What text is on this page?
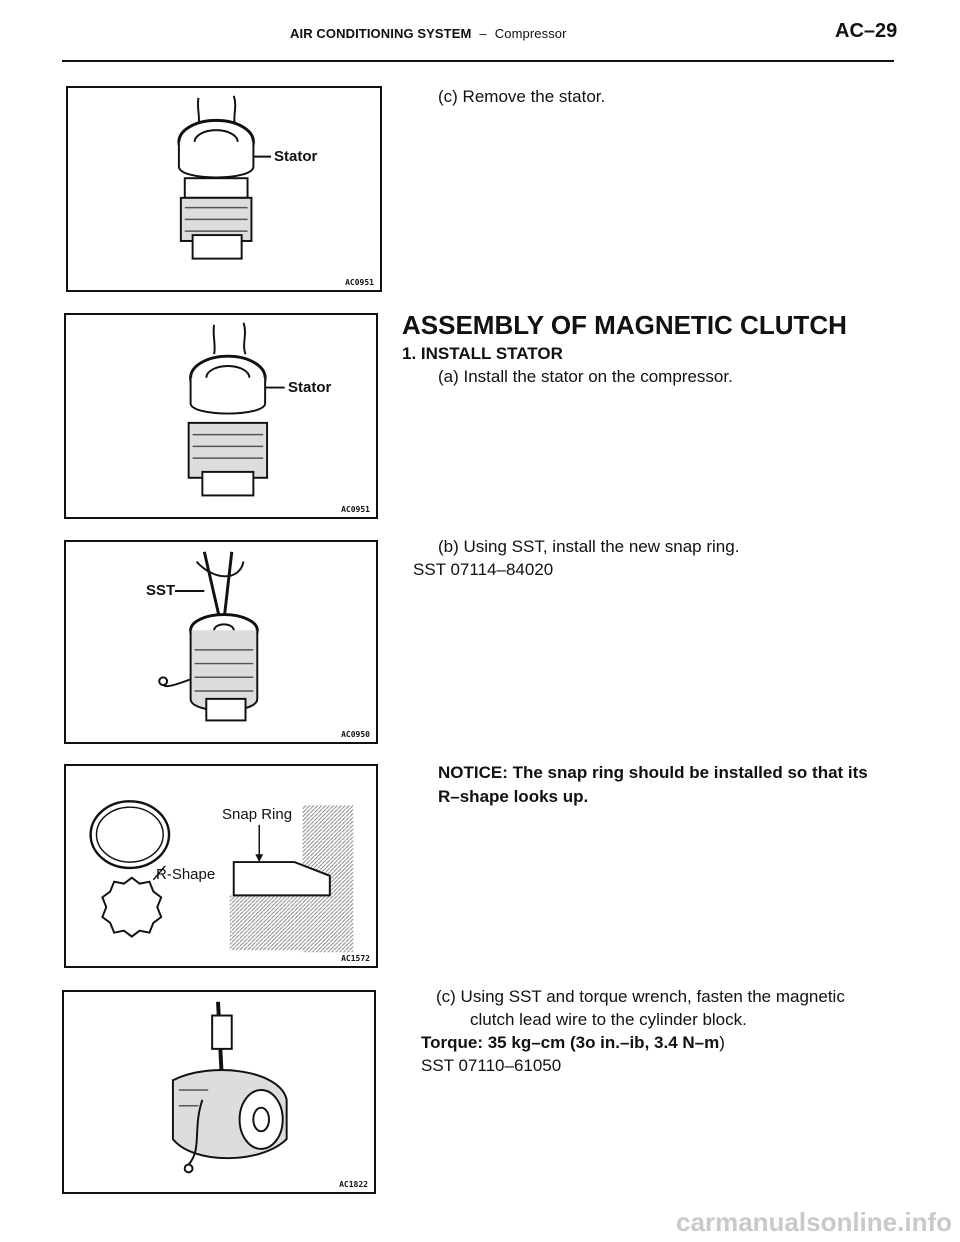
AIR CONDITIONING SYSTEM – Compressor	AC–29
Stator
AC0951
(c) Remove the stator.
ASSEMBLY OF MAGNETIC CLUTCH
1. INSTALL STATOR
(a) Install the stator on the compressor.
Stator
AC0951
SST
AC0950
(b) Using SST, install the new snap ring.
SST 07114–84020
Snap Ring
R-Shape
AC1572
NOTICE: The snap ring should be installed so that its
R–shape looks up.
AC1822
(c) Using SST and torque wrench, fasten the magnetic
clutch lead wire to the cylinder block.
Torque: 35 kg–cm (3o in.–ib, 3.4 N–m)
SST 07110–61050
carmanualsonline.info
